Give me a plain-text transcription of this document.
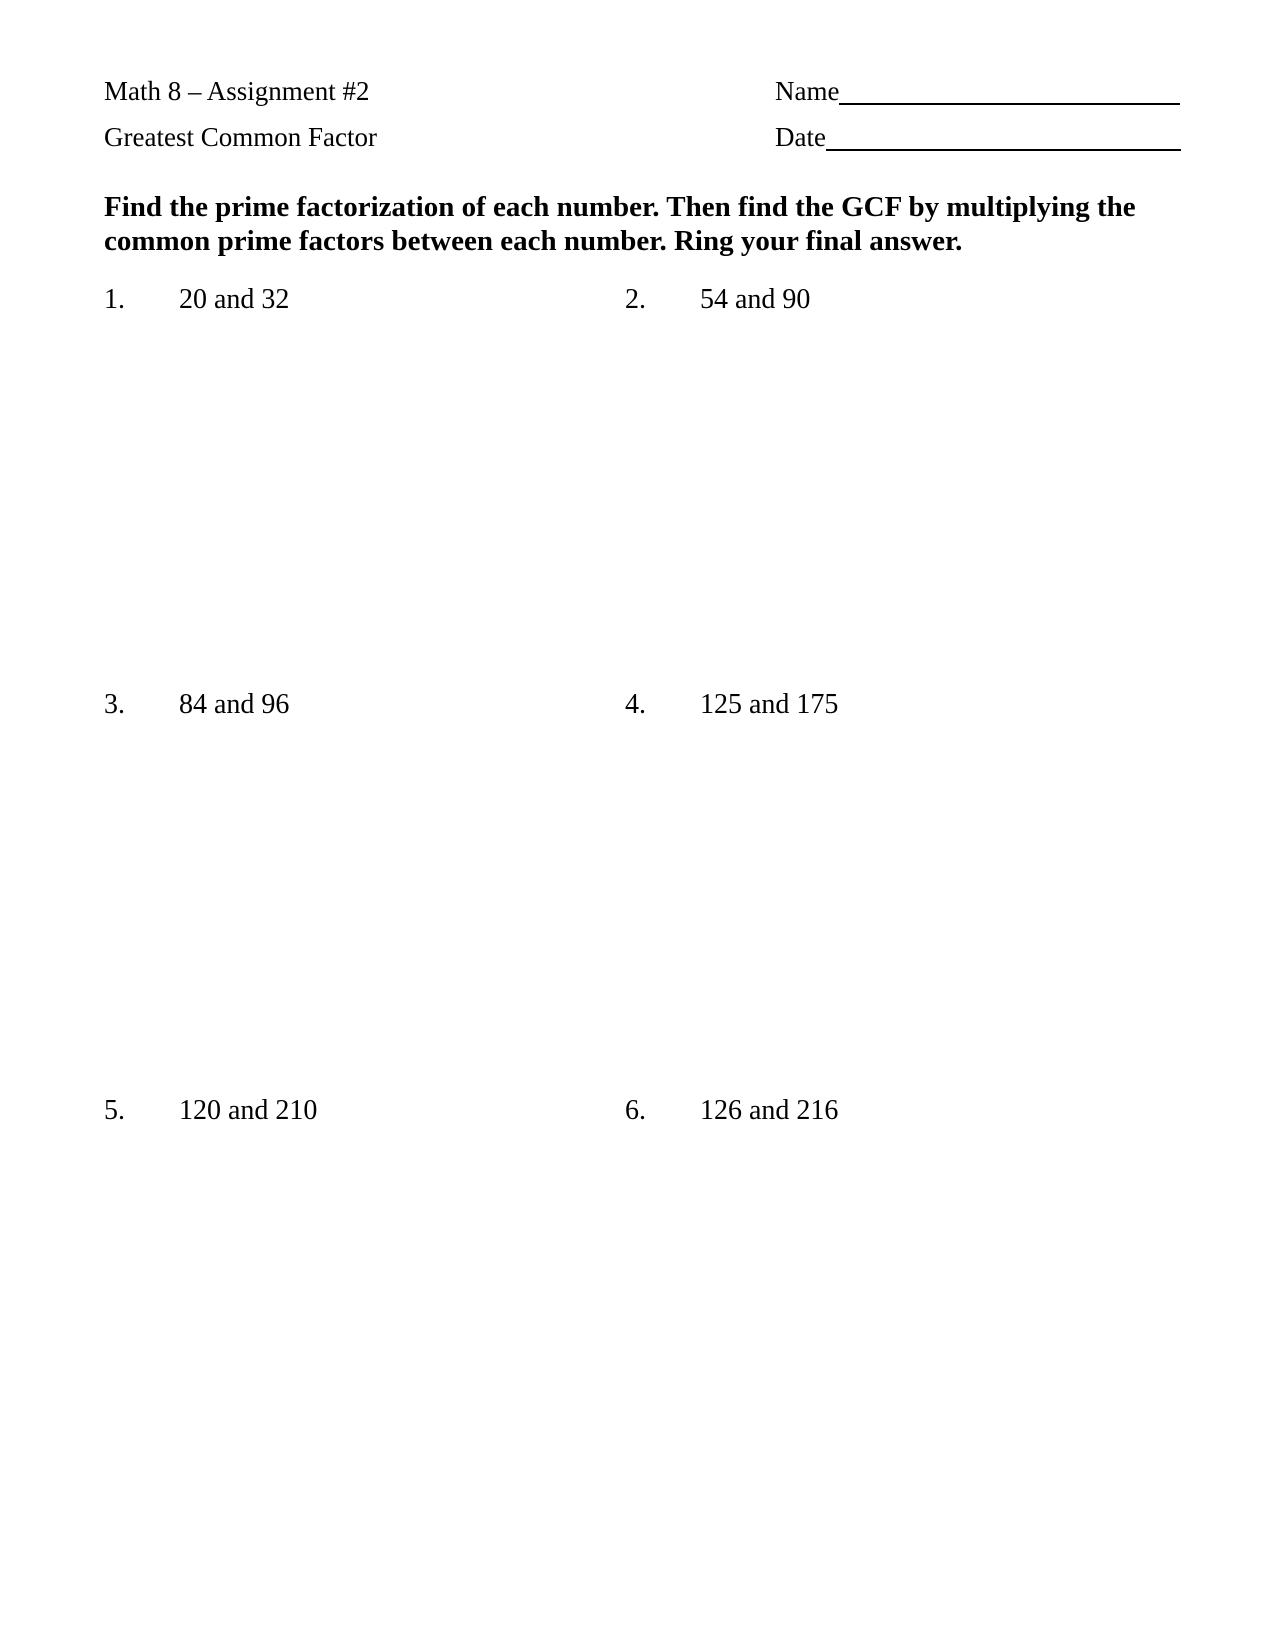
Math 8 – Assignment #2
Greatest Common Factor
Name
Date
Find the prime factorization of each number. Then find the GCF by multiplying the common prime factors between each number. Ring your final answer.
1. 20 and 32	2. 54 and 90
3. 84 and 96	4. 125 and 175
5. 120 and 210	6. 126 and 216
